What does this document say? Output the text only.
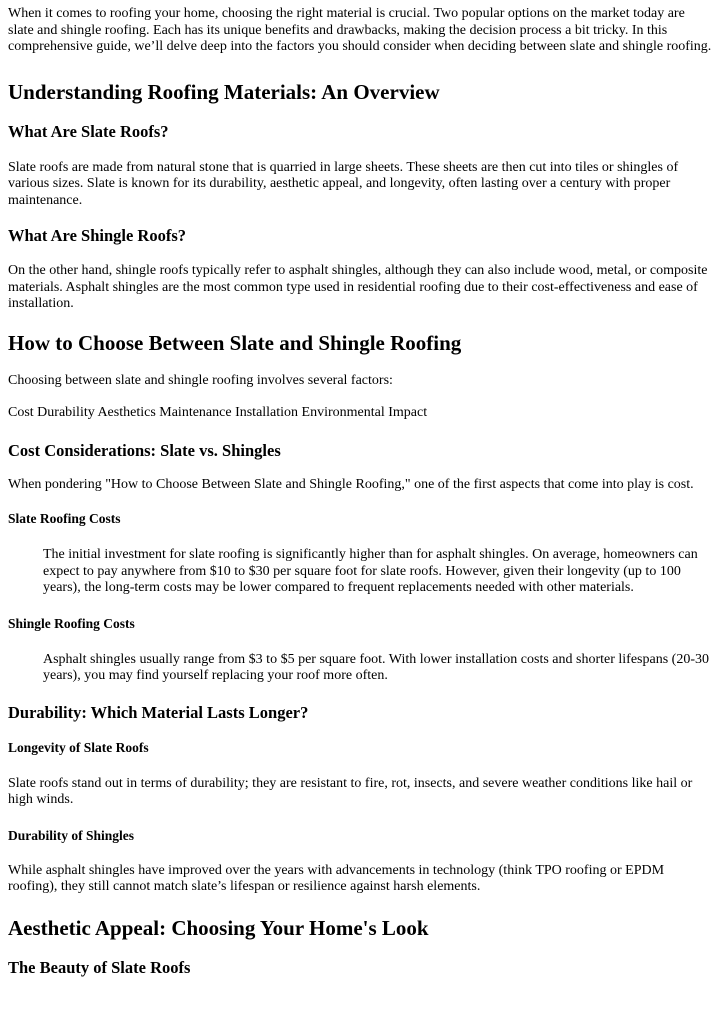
When it comes to roofing your home, choosing the right material is crucial. Two popular options on the market today are slate and shingle roofing. Each has its unique benefits and drawbacks, making the decision process a bit tricky. In this comprehensive guide, we’ll delve deep into the factors you should consider when deciding between slate and shingle roofing.

Understanding Roofing Materials: An Overview
What Are Slate Roofs?

Slate roofs are made from natural stone that is quarried in large sheets. These sheets are then cut into tiles or shingles of various sizes. Slate is known for its durability, aesthetic appeal, and longevity, often lasting over a century with proper maintenance.

What Are Shingle Roofs?

On the other hand, shingle roofs typically refer to asphalt shingles, although they can also include wood, metal, or composite materials. Asphalt shingles are the most common type used in residential roofing due to their cost-effectiveness and ease of installation.

How to Choose Between Slate and Shingle Roofing

Choosing between slate and shingle roofing involves several factors:

Cost Durability Aesthetics Maintenance Installation Environmental Impact

Cost Considerations: Slate vs. Shingles

When pondering "How to Choose Between Slate and Shingle Roofing," one of the first aspects that come into play is cost.

Slate Roofing Costs

The initial investment for slate roofing is significantly higher than for asphalt shingles. On average, homeowners can expect to pay anywhere from $10 to $30 per square foot for slate roofs. However, given their longevity (up to 100 years), the long-term costs may be lower compared to frequent replacements needed with other materials.

Shingle Roofing Costs

Asphalt shingles usually range from $3 to $5 per square foot. With lower installation costs and shorter lifespans (20-30 years), you may find yourself replacing your roof more often.

Durability: Which Material Lasts Longer?
Longevity of Slate Roofs

Slate roofs stand out in terms of durability; they are resistant to fire, rot, insects, and severe weather conditions like hail or high winds.

Durability of Shingles

While asphalt shingles have improved over the years with advancements in technology (think TPO roofing or EPDM roofing), they still cannot match slate’s lifespan or resilience against harsh elements.

Aesthetic Appeal: Choosing Your Home's Look
The Beauty of Slate Roofs
